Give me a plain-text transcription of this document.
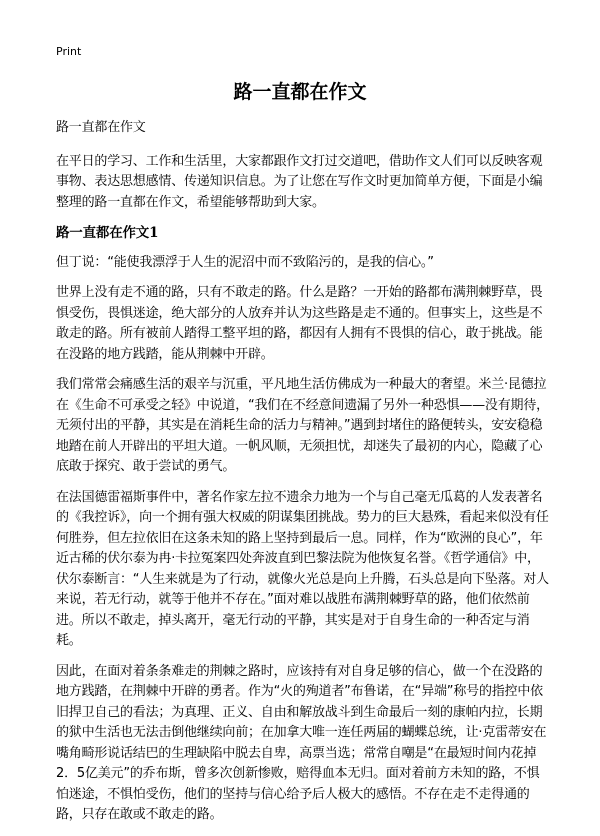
Print
路一直都在作文

路一直都在作文

在平日的学习、工作和生活里，大家都跟作文打过交道吧，借助作文人们可以反映客观事物、表达思想感情、传递知识信息。为了让您在写作文时更加简单方便，下面是小编整理的路一直都在作文，希望能够帮助到大家。

路一直都在作文1

但丁说：“能使我漂浮于人生的泥沼中而不致陷污的，是我的信心。”

世界上没有走不通的路，只有不敢走的路。什么是路？一开始的路都布满荆棘野草，畏惧受伤，畏惧迷途，绝大部分的人放弃并认为这些路是走不通的。但事实上，这些是不敢走的路。所有被前人踏得工整平坦的路，都因有人拥有不畏惧的信心，敢于挑战。能在没路的地方践踏，能从荆棘中开辟。

我们常常会痛感生活的艰辛与沉重，平凡地生活仿佛成为一种最大的奢望。米兰·昆德拉在《生命不可承受之轻》中说道，“我们在不经意间遗漏了另外一种恐惧——没有期待，无须付出的平静，其实是在消耗生命的活力与精神。”遇到封堵住的路便转头，安安稳稳地踏在前人开辟出的平坦大道。一帆风顺，无须担忧，却迷失了最初的内心，隐藏了心底敢于探究、敢于尝试的勇气。

在法国德雷福斯事件中，著名作家左拉不遗余力地为一个与自己毫无瓜葛的人发表著名的《我控诉》，向一个拥有强大权威的阴谋集团挑战。势力的巨大悬殊，看起来似没有任何胜券，但左拉依旧在这条未知的路上坚持到最后一息。同样，作为“欧洲的良心”，年近古稀的伏尔泰为冉·卡拉冤案四处奔波直到巴黎法院为他恢复名誉。《哲学通信》中，伏尔泰断言：“人生来就是为了行动，就像火光总是向上升腾，石头总是向下坠落。对人来说，若无行动，就等于他并不存在。”面对难以战胜布满荆棘野草的路，他们依然前进。所以不敢走，掉头离开，毫无行动的平静，其实是对于自身生命的一种否定与消耗。

因此，在面对着条条难走的荆棘之路时，应该持有对自身足够的信心，做一个在没路的地方践踏，在荆棘中开辟的勇者。作为“火的殉道者”布鲁诺，在“异端”称号的指控中依旧捍卫自己的看法；为真理、正义、自由和解放战斗到生命最后一刻的康帕内拉，长期的狱中生活也无法击倒他继续向前；在加拿大唯一连任两届的蝴蝶总统，让·克雷蒂安在嘴角畸形说话结巴的生理缺陷中脱去自卑，高票当选；常常自嘲是“在最短时间内花掉2．5亿美元”的乔布斯，曾多次创新惨败，赔得血本无归。面对着前方未知的路，不惧怕迷途，不惧怕受伤，他们的坚持与信心给予后人极大的感悟。不存在走不走得通的路，只存在敢或不敢走的路。
